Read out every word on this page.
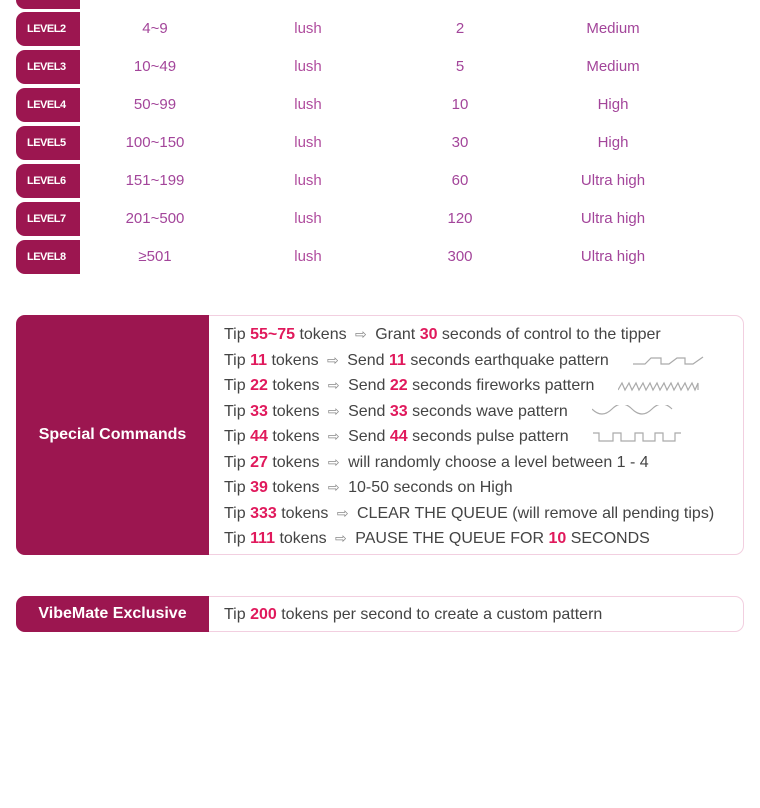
LEVEL2	4~9	lush	2	Medium
LEVEL3	10~49	lush	5	Medium
LEVEL4	50~99	lush	10	High
LEVEL5	100~150	lush	30	High
LEVEL6	151~199	lush	60	Ultra high
LEVEL7	201~500	lush	120	Ultra high
LEVEL8	≥501	lush	300	Ultra high
Special Commands
Tip 55~75 tokens ⇨ Grant 30 seconds of control to the tipper
Tip 11 tokens ⇨ Send 11 seconds earthquake pattern
Tip 22 tokens ⇨ Send 22 seconds fireworks pattern
Tip 33 tokens ⇨ Send 33 seconds wave pattern
Tip 44 tokens ⇨ Send 44 seconds pulse pattern
Tip 27 tokens ⇨ will randomly choose a level between 1 - 4
Tip 39 tokens ⇨ 10-50 seconds on High
Tip 333 tokens ⇨ CLEAR THE QUEUE (will remove all pending tips)
Tip 111 tokens ⇨ PAUSE THE QUEUE FOR 10 SECONDS
VibeMate Exclusive	Tip 200 tokens per second to create a custom pattern
